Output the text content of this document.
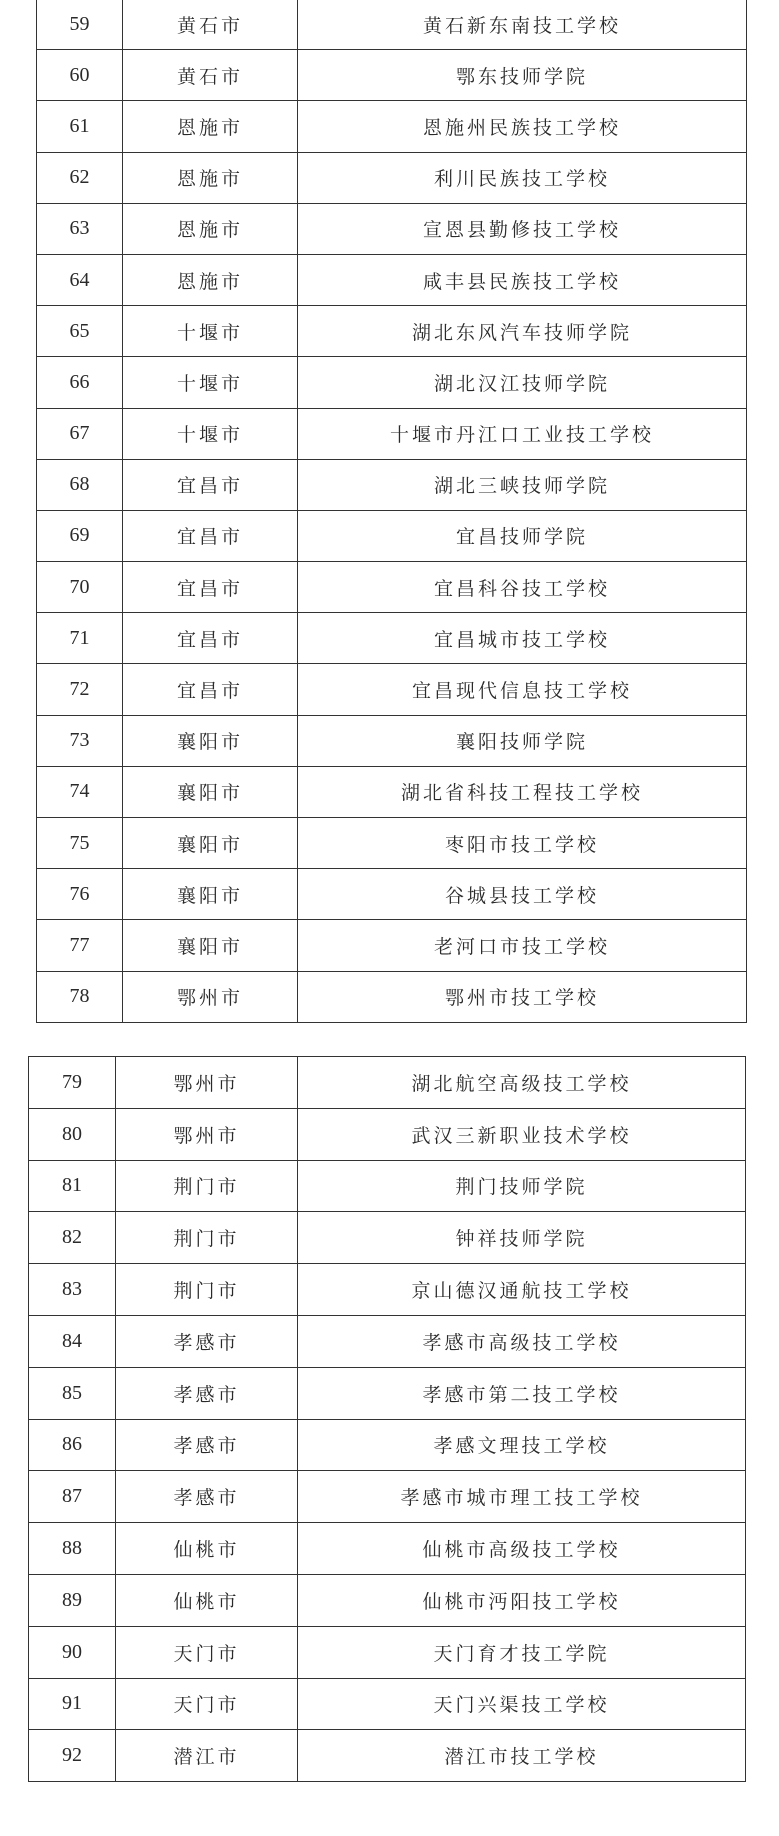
59	黄石市	黄石新东南技工学校
60	黄石市	鄂东技师学院
61	恩施市	恩施州民族技工学校
62	恩施市	利川民族技工学校
63	恩施市	宣恩县勤修技工学校
64	恩施市	咸丰县民族技工学校
65	十堰市	湖北东风汽车技师学院
66	十堰市	湖北汉江技师学院
67	十堰市	十堰市丹江口工业技工学校
68	宜昌市	湖北三峡技师学院
69	宜昌市	宜昌技师学院
70	宜昌市	宜昌科谷技工学校
71	宜昌市	宜昌城市技工学校
72	宜昌市	宜昌现代信息技工学校
73	襄阳市	襄阳技师学院
74	襄阳市	湖北省科技工程技工学校
75	襄阳市	枣阳市技工学校
76	襄阳市	谷城县技工学校
77	襄阳市	老河口市技工学校
78	鄂州市	鄂州市技工学校
79	鄂州市	湖北航空高级技工学校
80	鄂州市	武汉三新职业技术学校
81	荆门市	荆门技师学院
82	荆门市	钟祥技师学院
83	荆门市	京山德汉通航技工学校
84	孝感市	孝感市高级技工学校
85	孝感市	孝感市第二技工学校
86	孝感市	孝感文理技工学校
87	孝感市	孝感市城市理工技工学校
88	仙桃市	仙桃市高级技工学校
89	仙桃市	仙桃市沔阳技工学校
90	天门市	天门育才技工学院
91	天门市	天门兴渠技工学校
92	潜江市	潜江市技工学校
